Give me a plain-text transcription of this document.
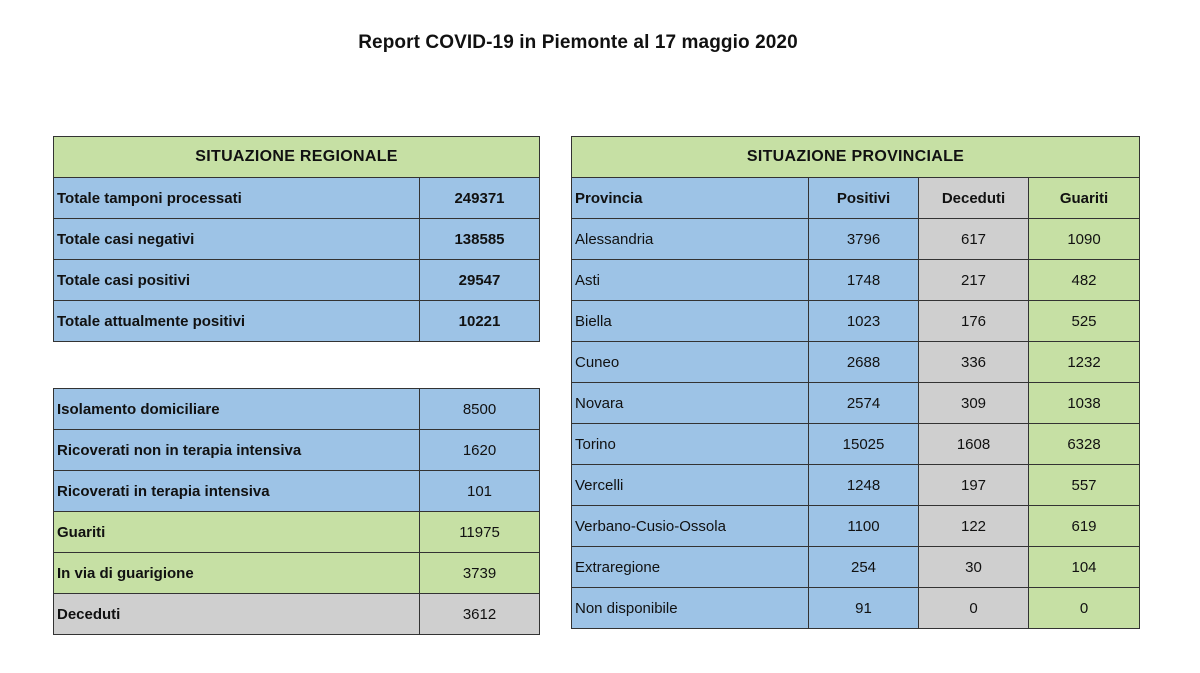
Report COVID-19 in Piemonte al 17 maggio 2020
SITUAZIONE REGIONALE	
Totale tamponi processati	249371
Totale casi negativi	138585
Totale casi positivi	29547
Totale attualmente positivi	10221
Isolamento domiciliare	8500
Ricoverati non in terapia intensiva	1620
Ricoverati in terapia intensiva	101
Guariti	11975
In via di guarigione	3739
Deceduti	3612
SITUAZIONE PROVINCIALE			
Provincia	Positivi	Deceduti	Guariti
Alessandria	3796	617	1090
Asti	1748	217	482
Biella	1023	176	525
Cuneo	2688	336	1232
Novara	2574	309	1038
Torino	15025	1608	6328
Vercelli	1248	197	557
Verbano-Cusio-Ossola	1100	122	619
Extraregione	254	30	104
Non disponibile	91	0	0
